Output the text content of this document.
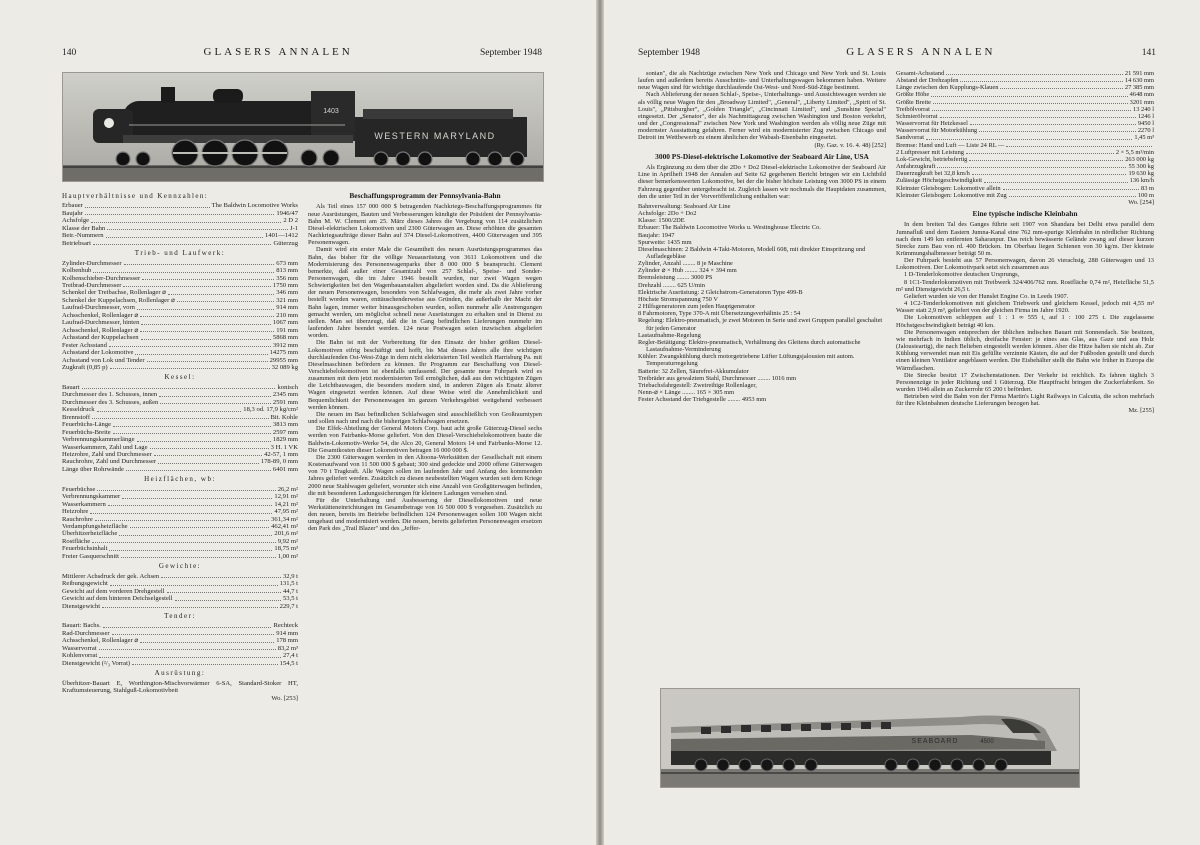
140	GLASERS ANNALEN	September 1948
WESTERN MARYLAND
1403
Hauptverhältnisse und Kennzahlen:
Erbauer	The Baldwin Locomotive Works
Baujahr	1946/47
Achsfolge	2 D 2
Klasse der Bahn	J-1
Betr.-Nummern	1401—1412
Betriebsart	Güterzug
Trieb- und Laufwerk:
Zylinder-Durchmesser	673 mm
Kolbenhub	813 mm
Kolbenschieber-Durchmesser	356 mm
Treibrad-Durchmesser	1750 mm
Schenkel der Treibachse, Rollenlager ⌀	346 mm
Schenkel der Kuppelachsen, Rollenlager ⌀	321 mm
Laufrad-Durchmesser, vorn	914 mm
Achsschenkel, Rollenlager ⌀	210 mm
Laufrad-Durchmesser, hinten	1067 mm
Achsschenkel, Rollenlager ⌀	191 mm
Achsstand der Kuppelachsen	5868 mm
Fester Achsstand	3912 mm
Achsstand der Lokomotive	14275 mm
Achsstand von Lok und Tender	29955 mm
Zugkraft (0,85 p)	32 089 kg
Kessel:
Bauart	konisch
Durchmesser des 1. Schusses, innen	2345 mm
Durchmesser des 3. Schusses, außen	2591 mm
Kesseldruck	18,3 od. 17,9 kg/cm²
Brennstoff	Bit. Kohle
Feuerbüchs-Länge	3813 mm
Feuerbüchs-Breite	2597 mm
Verbrennungskammerlänge	1829 mm
Wasserkammern, Zahl und Lage	3 H. 1 VK
Heizrohre, Zahl und Durchmesser	42-57, 1 mm
Rauchrohre, Zahl und Durchmesser	178-89, 0 mm
Länge über Rohrwände	6401 mm
Heizflächen, wb:
Feuerbüchse	26,2 m²
Verbrennungskammer	12,91 m²
Wasserkammern	14,21 m²
Heizrohre	47,95 m²
Rauchrohre	361,34 m²
Verdampfungsheizfläche	462,41 m²
Überhitzerheizfläche	201,6 m²
Rostfläche	9,92 m²
Feuerbüchsinhalt	18,75 m³
Freier Gasquerschnitt	1,00 m²
Gewichte:
Mittlerer Achsdruck der gek. Achsen	32,9 t
Reibungsgewicht	131,5 t
Gewicht auf dem vorderen Drehgestell	44,7 t
Gewicht auf dem hinteren Deichselgestell	53,5 t
Dienstgewicht	229,7 t
Tender:
Bauart: Bachs.	Rechteck
Rad-Durchmesser	914 mm
Achsschenkel, Rollenlager ⌀	178 mm
Wasservorrat	83,2 m³
Kohlenvorrat	27,4 t
Dienstgewicht (²/₃ Vorrat)	154,5 t
Ausrüstung:
Überhitzer-Bauart E, Worthington-Mischvorwärmer 6-SA, Standard-Stoker HT, Kraftumsteuerung, Stahlguß-Lokomotivbett
Wo. [253]
Beschaffungsprogramm der Pennsylvania-Bahn
Als Teil eines 157 000 000 $ betragenden Nachkriegs-Beschaffungsprogrammes für neue Ausrüstungen, Bauten und Verbesserungen kündigte der Präsident der Pennsylvania-Bahn M. W. Clement am 25. März dieses Jahres die Vergebung von 114 zusätzlichen Diesel-elektrischen Lokomotiven und 2300 Güterwagen an. Diese erhöhten die gesamten Nachkriegsaufträge dieser Bahn auf 374 Diesel-Lokomotiven, 4400 Güterwagen und 395 Personenwagen.
Damit wird ein erster Male die Gesamtheit des neuen Ausrüstungsprogrammes das Bahn, das bisher für die völlige Neuausrüstung von 3611 Lokomotiven und die Modernisierung des Personenwagenparks über 8 000 000 $ beansprucht. Clement bemerkte, daß außer einer Gesamtzahl von 257 Schlaf-, Speise- und Sonder-Personenwagen, die im Jahre 1946 bestellt wurden, nur zwei Wagen wegen Schwierigkeiten bei den Wagenbauanstalten abgeliefert worden sind. Da die Ablieferung der neuen Personenwagen, besonders von Schlafwagen, die mehr als zwei Jahre vorher bestellt worden waren, enttäuschenderweise aus Gründen, die außerhalb der Macht der Bahn lagen, immer weiter hinausgeschoben wurden, sollen nunmehr alle Anstrengungen gemacht werden, um möglichst schnell neue Ausrüstungen zu erhalten und in Dienst zu stellen. Man sei überzeugt, daß die in Gang befindlichen Lieferungen nunmehr im laufenden Jahre beendet werden. 124 neue Postwagen seien inzwischen abgeliefert worden.
Die Bahn ist mit der Vorbereitung für den Einsatz der bisher größten Diesel-Lokomotiven eifrig beschäftigt und hofft, bis Mai dieses Jahres alle ihre wichtigen durchlaufenden Ost-West-Züge in dem nicht elektrisierten Teil westlich Harrisburg Pa. mit Dieselmaschinen befördern zu können. Ihr Programm zur Beschaffung von Diesel-Verschiebelokomotiven ist ebenfalls umfassend. Der gesamte neue Fuhrpark wird es zusammen mit dem jetzt modernisierten Teil ermöglichen, daß aus den wichtigsten Zügen die Leichtbauwagen, die besonders modern sind, in anderen Zügen als Ersatz älterer Wagen eingesetzt werden können. Auf diese Weise wird die Annehmlichkeit und Bequemlichkeit der Personenwagen im ganzen Verkehrsgebiet weitgehend verbessert werden können.
Die neuen im Bau befindlichen Schlafwagen sind ausschließlich von Großraumtypen und sollen nach und nach die bisherigen Schlafwagen ersetzen.
Die Elfek-Abteilung der General Motors Corp. baut acht große Güterzug-Diesel sechs werden von Fairbanks-Morse geliefert. Von den Diesel-Verschiebelokomotiven baute die Baldwin-Lokomotiv-Werke 54, die Alco 20, General Motors 14 und Fairbanks-Morse 12. Die Gesamtkosten dieser Lokomotiven betragen 16 000 000 $.
Die 2300 Güterwagen werden in den Altoona-Werkstätten der Gesellschaft mit einem Kostenaufwand von 11 500 000 $ gebaut; 300 sind gedeckte und 2000 offene Güterwagen von 70 t Tragkraft. Alle Wagen sollen im laufenden Jahr und Anfang des kommenden Jahres geliefert werden. Zusätzlich zu diesen neubestellten Wagen wurden seit dem Kriege 2000 neue Stahlwagen geliefert, worunter sich eine Anzahl von Großgüterwagen befinden, die mit besonderen Ladungssicherungen für kleinere Ladungen versehen sind.
Für die Unterhaltung und Ausbesserung der Diesellokomotiven und neue Werkstätteneinrichtungen im Gesamtbetrage von 16 500 000 $ vorgesehen. Zusätzlich zu den neuen, bereits im Betriebe befindlichen 124 Personenwagen sollen 100 Wagen nicht umgebaut und modernisiert werden. Die neuen, bereits gelieferten Personenwagen ersetzen den Park des „Trail Blazer" und des „Jeffer-
September 1948	GLASERS ANNALEN	141
sonian", die als Nachtzüge zwischen New York und Chicago und New York und St. Louis laufen und außerdem bereits Ausschnitts- und Unterhaltungswagen bekommen haben. Weitere neue Wagen sind für wichtige durchlaufende Ost-West- und Nord-Süd-Züge bestimmt.
Nach Ablieferung der neuen Schlaf-, Speise-, Unterhaltungs- und Aussichtswagen werden sie als völlig neue Wagen für den „Broadway Limited", „General", „Liberty Limited", „Spirit of St. Louis", „Pittsburgher", „Golden Triangle", „Cincinnati Limited", und „Sunshine Special" eingesetzt. Der „Senator", der als Nachmittagszug zwischen Washington und Boston verkehrt, und der „Congressional" zwischen New York und Washington werden als völlig neue Züge mit modernster Ausstattung gefahren. Ferner wird ein modernisierter Zug zwischen Chicago und Detroit im Wettbewerb zu einem ähnlichen der Wabash-Eisenbahn eingesetzt.
(Ry. Gaz. v. 16. 4. 48) [252]
3000 PS-Diesel-elektrische Lokomotive der Seaboard Air Line, USA
Als Ergänzung zu dem über die 2Do + Do2 Diesel-elektrische Lokomotive der Seaboard Air Line in Aprilheft 1948 der Annalen auf Seite 62 gegebenen Bericht bringen wir ein Lichtbild dieser bemerkenswerten Lokomotive, bei der die bisher höchste Leistung von 3000 PS in einem Fahrzeug gegenüber untergebracht ist. Zugleich lassen wir nochmals die Hauptdaten zusammen, den die unter Teil in der Vorveröffentlichung enthalten war:
Bahnverwaltung: Seaboard Air Line
Achsfolge: 2Do + Do2
Klasse: 1500/2DE
Erbauer: The Baldwin Locomotive Works u. Westinghouse Electric Co.
Baujahr: 1947
Spurweite: 1435 mm
Dieselmaschinen: 2 Baldwin 4-Takt-Motoren, Modell 608, mit direkter Einspritzung und Aufladegebläse
Zylinder, Anzahl ........ 8 je Maschine
Zylinder ⌀ × Hub ........ 324 × 394 mm
Bremsleistung ........ 3000 PS
Drehzahl ........ 625 U/min
Elektrische Ausrüstung: 2 Gleichstrom-Generatoren Type 499-B
Höchste Stromspannung 750 V
2 Hilfsgeneratoren zum jeden Hauptgenerator
8 Fahrmotoren, Type 370-A mit Übersetzungsverhältnis 25 : 54
Regelung: Elektro-pneumatisch, je zwei Motoren in Serie und zwei Gruppen parallel geschaltet für jeden Generator
Lastaufnahme-Regelung
Regler-Betätigung: Elektro-pneumatisch, Verhältnung des Gleitens durch automatische Lastaufnahme-Verminderung
Kühler: Zwangskühlung durch motorgetriebene Lüfter Lüftungsjalousien mit autom. Temperaturregelung
Batterie: 32 Zellen, Säurefrei-Akkumulator
Treibräder aus gewalztem Stahl, Durchmesser ........ 1016 mm
Triebachsfahrgestell: Zweireihige Rollenlager,
Nenn-⌀ × Länge ........ 165 × 305 mm
Fester Achsstand der Triebgestelle ........ 4953 mm
Gesamt-Achsstand	21 591 mm
Abstand der Drehzapfen	14 630 mm
Länge zwischen den Kupplungs-Klauen	27 385 mm
Größte Höhe	4648 mm
Größte Breite	3201 mm
Treibölvorrat	13 240 l
Schmierölvorrat	1246 l
Wasservorrat für Heizkessel	9450 l
Wasservorrat für Motorkühlung	2270 l
Sandvorrat	1,45 m³
Bremse: Hand und Luft — Liste 24 RL —
2 Luftpresser mit Leistung	2 × 5,5 m³/min
Lok-Gewicht, betriebsfertig	263 000 kg
Anfahrzugkraft	55 300 kg
Dauerzugkraft bei 32,8 km/h	19 630 kg
Zulässige Höchstgeschwindigkeit	136 km/h
Kleinster Gleisbogen: Lokomotive allein	83 m
Kleinster Gleisbogen: Lokomotive mit Zug	100 m
Wo. [254]
Eine typische indische Kleinbahn
In dem breiten Tal des Ganges führte seit 1907 von Shandara bei Delhi etwa parallel dem Jumnafluß und dem Eastern Jumna-Kanal eine 762 mm-spurige Kleinbahn in nördlicher Richtung nach dem 149 km entfernten Saharanpur. Das reich bewässerte Gelände zwang auf dieser kurzen Strecke zum Bau von rd. 400 Brücken. Im Oberbau liegen Schienen von 30 kg/m. Der kleinste Krümmungshalbmesser beträgt 50 m.
Der Fuhrpark besteht aus 57 Personenwagen, davon 26 vierachsig, 288 Güterwagen und 13 Lokomotiven. Der Lokomotivpark setzt sich zusammen aus
1 D-Tenderlokomotive deutschen Ursprungs,
8 1C1-Tenderlokomotiven mit Treibwerk 324/406/762 mm. Rostfläche 0,74 m², Heizfläche 51,5 m² und Dienstgewicht 26,5 t.
Geliefert wurden sie von der Hunslet Engine Co. in Leeds 1907.
4 1C2-Tenderlokomotiven mit gleichem Triebwerk und gleichem Kessel, jedoch mit 4,55 m³ Wasser statt 2,9 m³, geliefert von der gleichen Firma im Jahre 1920.
Die Lokomotiven schleppen auf 1 : 1 ∞ 555 t, auf 1 : 100 275 t. Die zugelassene Höchstgeschwindigkeit beträgt 40 km.
Die Personenwagen entsprechen der üblichen indischen Bauart mit Sonnendach. Sie besitzen, wie mehrfach in Indien üblich, dreifache Fenster: je eines aus Glas, aus Gaze und aus Holz (Jalousieartig), die nach Belieben eingestellt werden können. Aber die Hitze halten sie nicht ab. Zur Kühlung verwendet man mit Eis gefüllte verzinnte Kästen, die auf der Fußboden gestellt und durch einen kleinen Ventilator angeblasen werden. Die Eisbehälter stellt die Bahn wie früher in Europa die Wärmflaschen.
Die Strecke besitzt 17 Zwischenstationen. Der Verkehr ist reichlich. Es fahren täglich 3 Personenzüge in jeder Richtung und 1 Güterzug. Die Hauptfracht bringen die Zuckerfabriken. So wurden 1946 allein an Zuckerrohr 65 200 t befördert.
Betrieben wird die Bahn von der Firma Martin's Light Railways in Calcutta, die schon mehrfach für ihre Kleinbahnen deutsche Lieferungen bezogen hat.
Mz. [255]
SEABOARD	4500
